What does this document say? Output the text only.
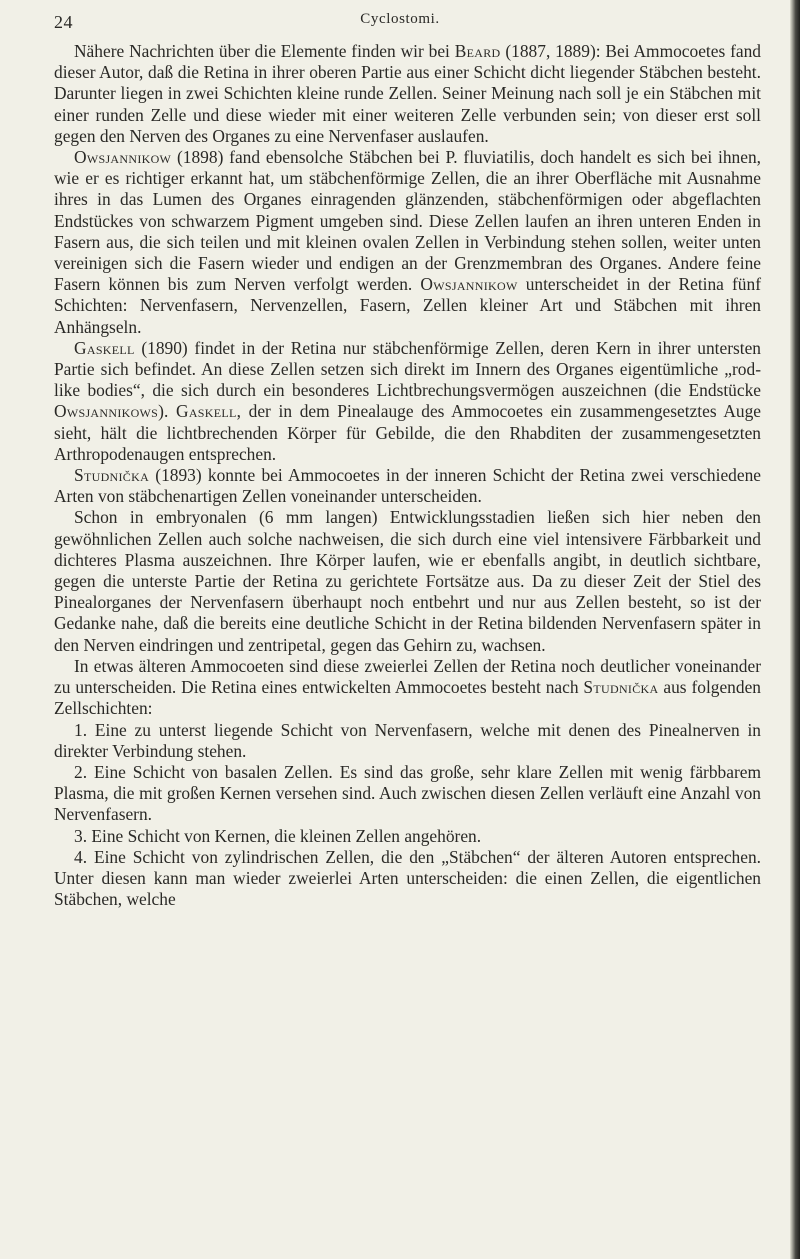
24	Cyclostomi.

Nähere Nachrichten über die Elemente finden wir bei Beard (1887, 1889): Bei Ammocoetes fand dieser Autor, daß die Retina in ihrer oberen Partie aus einer Schicht dicht liegender Stäbchen besteht. Darunter liegen in zwei Schichten kleine runde Zellen. Seiner Meinung nach soll je ein Stäbchen mit einer runden Zelle und diese wieder mit einer weiteren Zelle verbunden sein; von dieser erst soll gegen den Nerven des Organes zu eine Nervenfaser auslaufen.

Owsjannikow (1898) fand ebensolche Stäbchen bei P. fluviatilis, doch handelt es sich bei ihnen, wie er es richtiger erkannt hat, um stäbchenförmige Zellen, die an ihrer Oberfläche mit Ausnahme ihres in das Lumen des Organes einragenden glänzenden, stäbchenförmigen oder abgeflachten Endstückes von schwarzem Pigment umgeben sind. Diese Zellen laufen an ihren unteren Enden in Fasern aus, die sich teilen und mit kleinen ovalen Zellen in Verbindung stehen sollen, weiter unten vereinigen sich die Fasern wieder und endigen an der Grenzmembran des Organes. Andere feine Fasern können bis zum Nerven verfolgt werden. Owsjannikow unterscheidet in der Retina fünf Schichten: Nervenfasern, Nervenzellen, Fasern, Zellen kleiner Art und Stäbchen mit ihren Anhängseln.

Gaskell (1890) findet in der Retina nur stäbchenförmige Zellen, deren Kern in ihrer untersten Partie sich befindet. An diese Zellen setzen sich direkt im Innern des Organes eigentümliche „rod-like bodies“, die sich durch ein besonderes Lichtbrechungsvermögen auszeichnen (die Endstücke Owsjannikows). Gaskell, der in dem Pinealauge des Ammocoetes ein zusammengesetztes Auge sieht, hält die lichtbrechenden Körper für Gebilde, die den Rhabditen der zusammengesetzten Arthropodenaugen entsprechen.

Studnička (1893) konnte bei Ammocoetes in der inneren Schicht der Retina zwei verschiedene Arten von stäbchenartigen Zellen voneinander unterscheiden.

Schon in embryonalen (6 mm langen) Entwicklungsstadien ließen sich hier neben den gewöhnlichen Zellen auch solche nachweisen, die sich durch eine viel intensivere Färbbarkeit und dichteres Plasma auszeichnen. Ihre Körper laufen, wie er ebenfalls angibt, in deutlich sichtbare, gegen die unterste Partie der Retina zu gerichtete Fortsätze aus. Da zu dieser Zeit der Stiel des Pinealorganes der Nervenfasern überhaupt noch entbehrt und nur aus Zellen besteht, so ist der Gedanke nahe, daß die bereits eine deutliche Schicht in der Retina bildenden Nervenfasern später in den Nerven eindringen und zentripetal, gegen das Gehirn zu, wachsen.

In etwas älteren Ammocoeten sind diese zweierlei Zellen der Retina noch deutlicher voneinander zu unterscheiden. Die Retina eines entwickelten Ammocoetes besteht nach Studnička aus folgenden Zellschichten:

1. Eine zu unterst liegende Schicht von Nervenfasern, welche mit denen des Pinealnerven in direkter Verbindung stehen.

2. Eine Schicht von basalen Zellen. Es sind das große, sehr klare Zellen mit wenig färbbarem Plasma, die mit großen Kernen versehen sind. Auch zwischen diesen Zellen verläuft eine Anzahl von Nervenfasern.

3. Eine Schicht von Kernen, die kleinen Zellen angehören.

4. Eine Schicht von zylindrischen Zellen, die den „Stäbchen“ der älteren Autoren entsprechen. Unter diesen kann man wieder zweierlei Arten unterscheiden: die einen Zellen, die eigentlichen Stäbchen, welche
